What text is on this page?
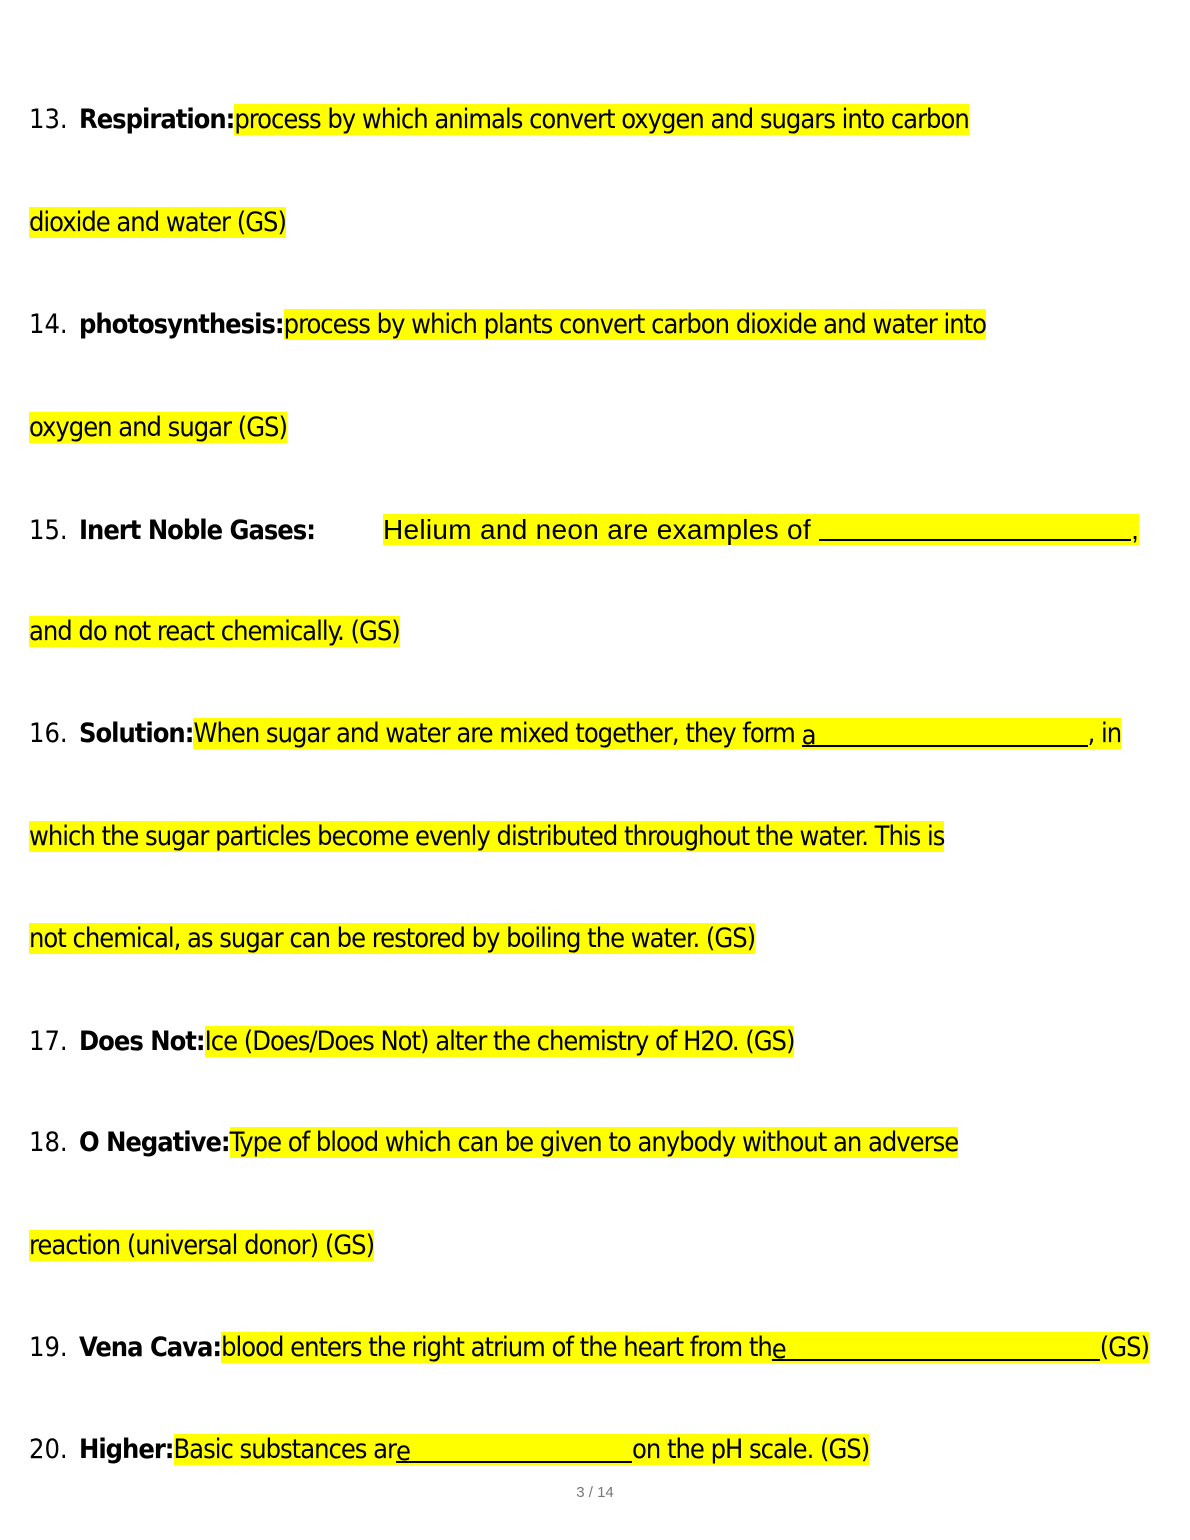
13. Respiration:process by which animals convert oxygen and sugars into carbon
dioxide and water (GS)
14. photosynthesis:process by which plants convert carbon dioxide and water into
oxygen and sugar (GS)
15. Inert Noble Gases: Helium and neon are examples of	,
and do not react chemically. (GS)
16. Solution:When sugar and water are mixed together, they form a	, in
which the sugar particles become evenly distributed throughout the water. This is
not chemical, as sugar can be restored by boiling the water. (GS)
17. Does Not:Ice (Does/Does Not) alter the chemistry of H2O. (GS)
18. O Negative:Type of blood which can be given to anybody without an adverse
reaction (universal donor) (GS)
19. Vena Cava:blood enters the right atrium of the heart from the	(GS)
20. Higher:Basic substances are	on the pH scale. (GS)
3 / 14
